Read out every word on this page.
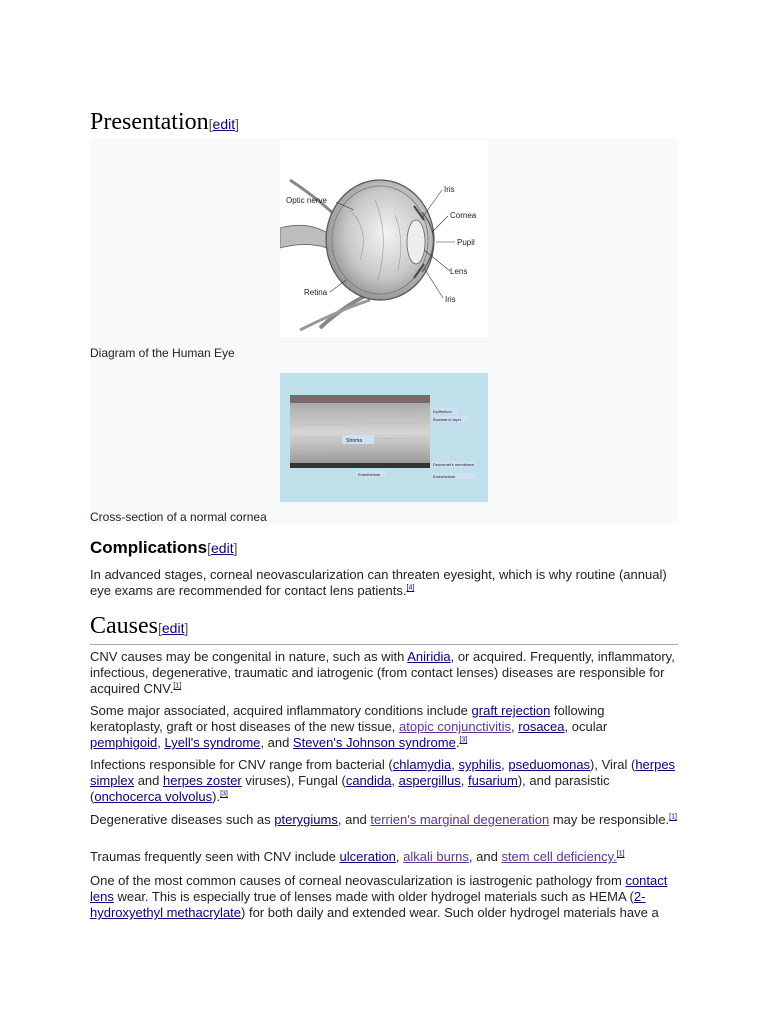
Presentation[edit]
Optic nerve
Retina
Iris
Cornea
Pupil
Lens
Iris
Diagram of the Human Eye
Epithelium
Bowman's layer
Stroma
Descemet's membrane
Endothelium
Endothelium
Cross-section of a normal cornea
Complications[edit]

In advanced stages, corneal neovascularization can threaten eyesight, which is why routine (annual) eye exams are recommended for contact lens patients.[4]

Causes[edit]

CNV causes may be congenital in nature, such as with Aniridia, or acquired. Frequently, inflammatory, infectious, degenerative, traumatic and iatrogenic (from contact lenses) diseases are responsible for acquired CNV.[1]

Some major associated, acquired inflammatory conditions include graft rejection following keratoplasty, graft or host diseases of the new tissue, atopic conjunctivitis, rosacea, ocular pemphigoid, Lyell's syndrome, and Steven's Johnson syndrome.[3]

Infections responsible for CNV range from bacterial (chlamydia, syphilis, pseduomonas), Viral (herpes simplex and herpes zoster viruses), Fungal (candida, aspergillus, fusarium), and parasistic (onchocerca volvolus).[3]

Degenerative diseases such as pterygiums, and terrien's marginal degeneration may be responsible.[1]

Traumas frequently seen with CNV include ulceration, alkali burns, and stem cell deficiency.[1]

One of the most common causes of corneal neovascularization is iastrogenic pathology from contact lens wear. This is especially true of lenses made with older hydrogel materials such as HEMA (2-hydroxyethyl methacrylate) for both daily and extended wear. Such older hydrogel materials have a
